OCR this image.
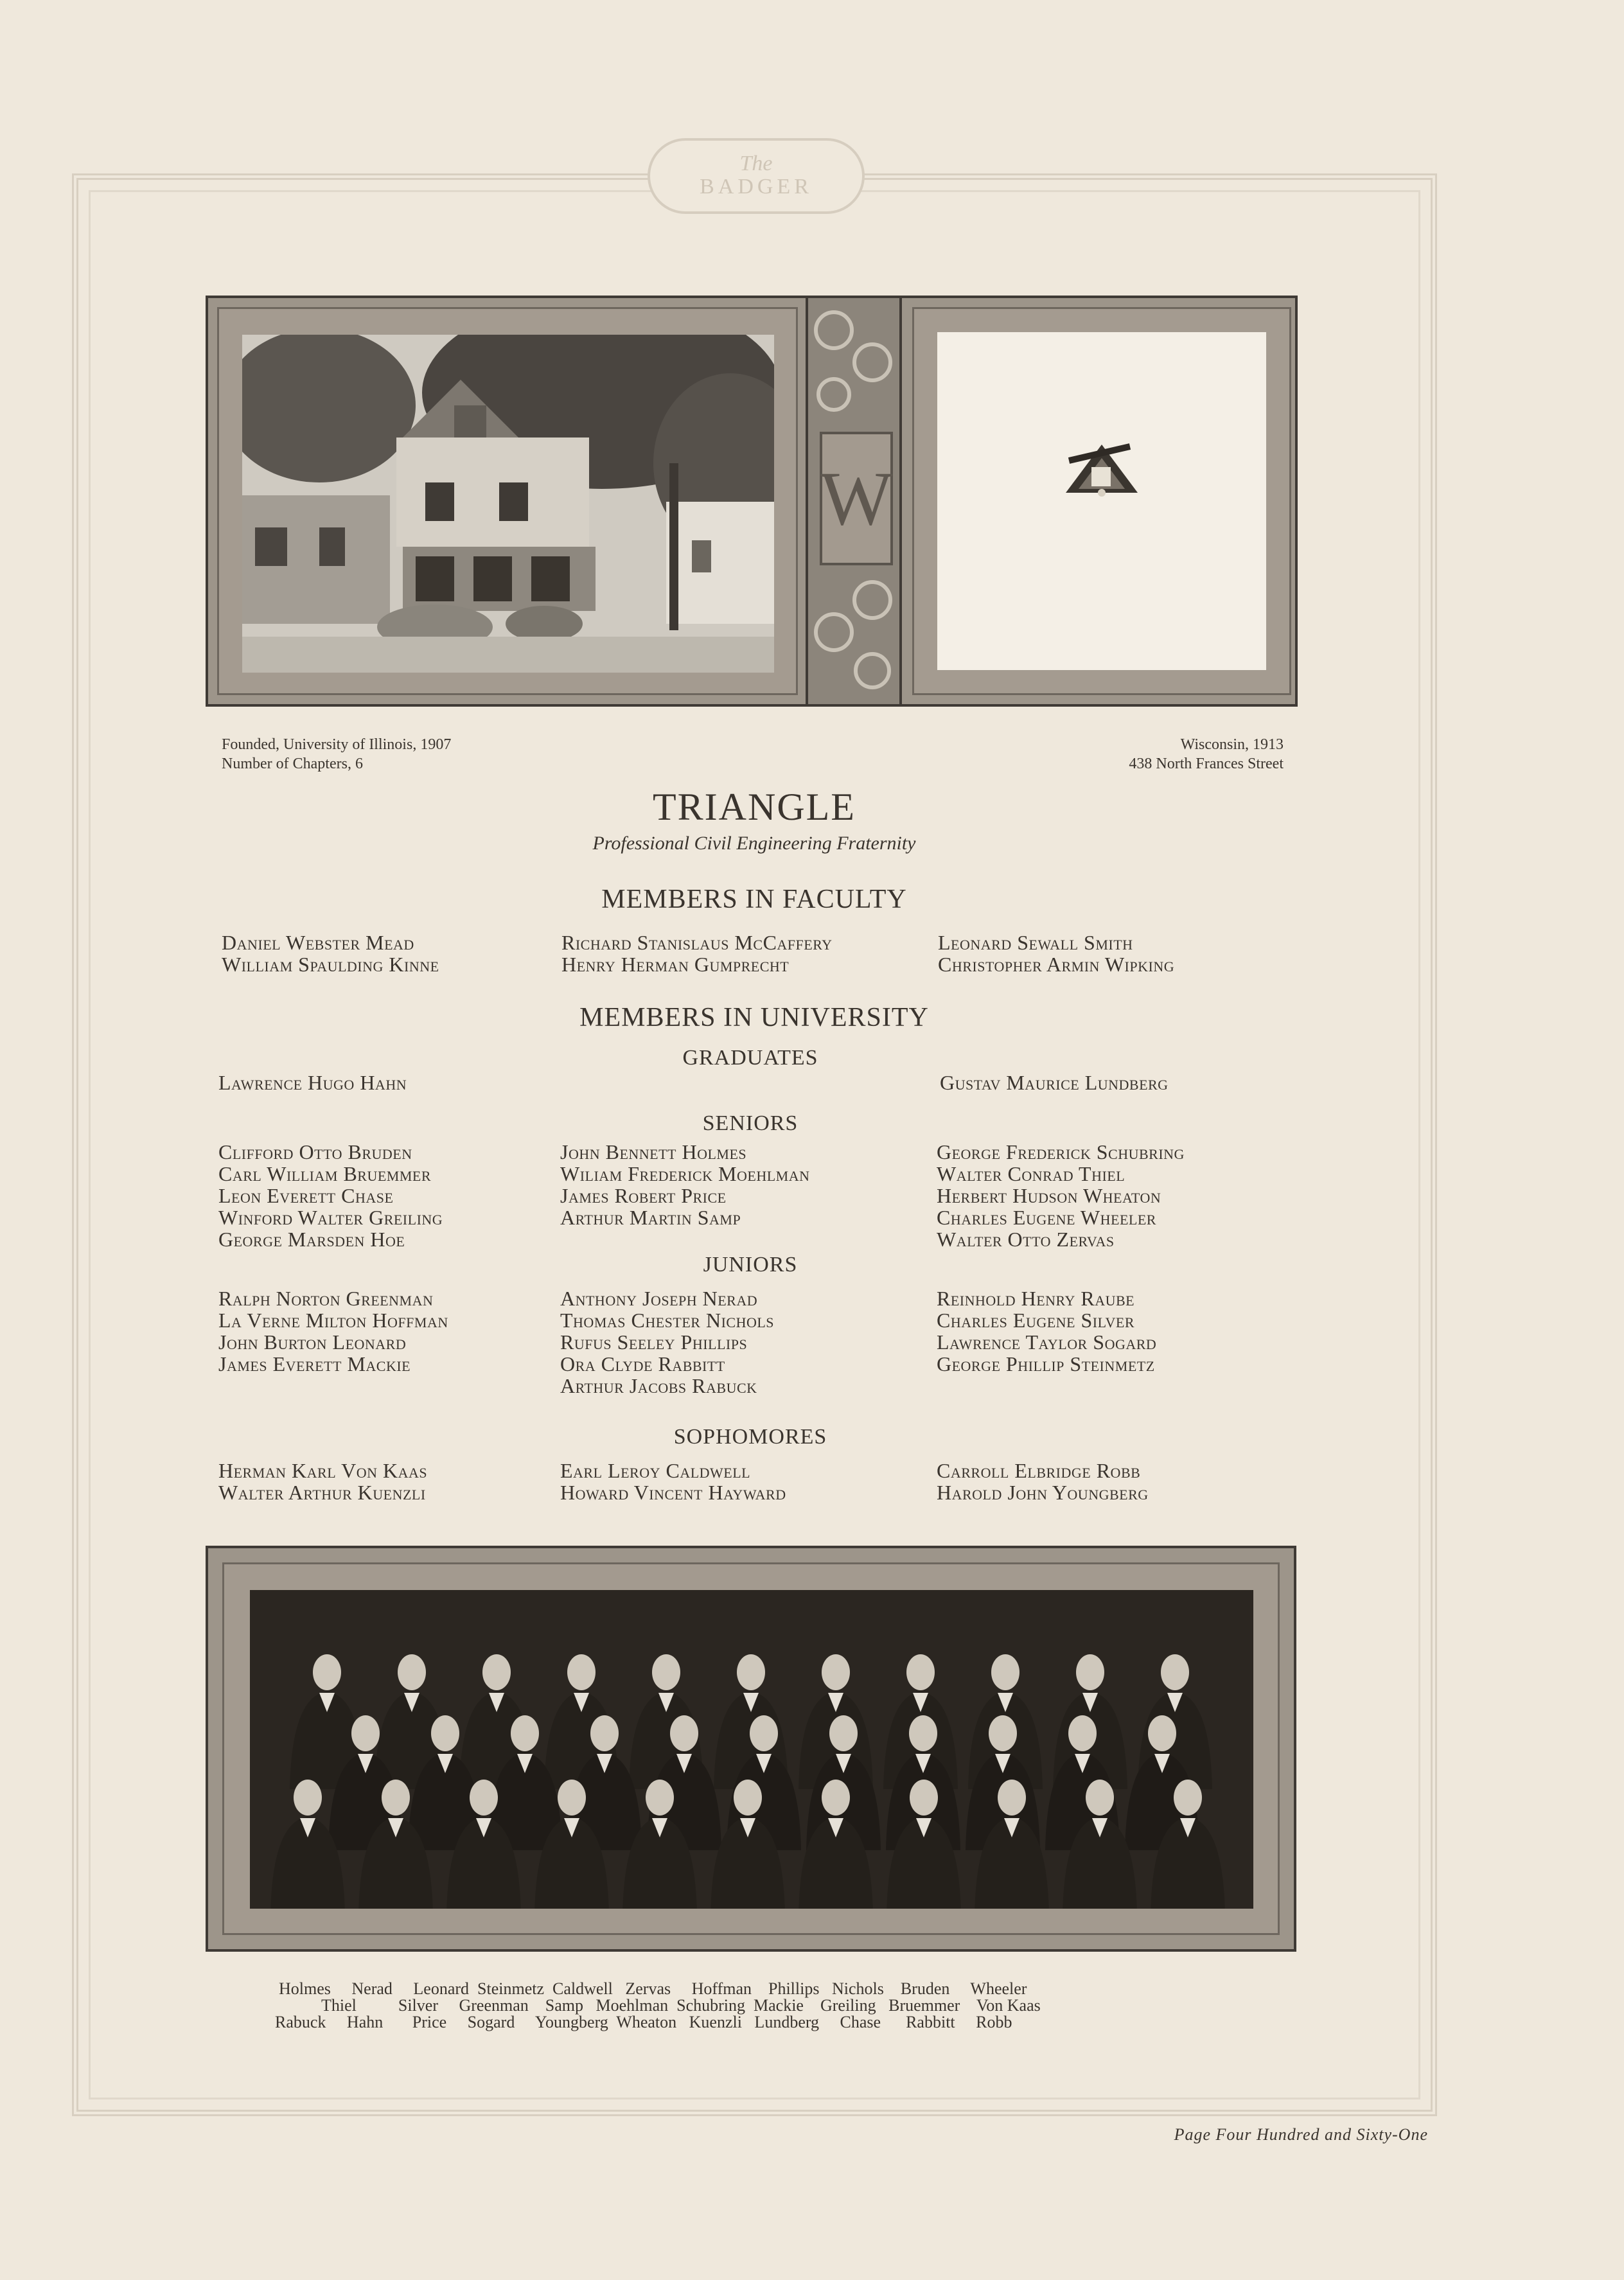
The
BADGER
W
Founded, University of Illinois, 1907
Number of Chapters, 6
Wisconsin, 1913
438 North Frances Street
TRIANGLE
Professional Civil Engineering Fraternity
MEMBERS IN FACULTY
Daniel Webster Mead
William Spaulding Kinne
Richard Stanislaus McCaffery
Henry Herman Gumprecht
Leonard Sewall Smith
Christopher Armin Wipking
MEMBERS IN UNIVERSITY
GRADUATES
Lawrence Hugo Hahn	Gustav Maurice Lundberg
SENIORS
Clifford Otto Bruden
Carl William Bruemmer
Leon Everett Chase
Winford Walter Greiling
George Marsden Hoe
John Bennett Holmes
Wiliam Frederick Moehlman
James Robert Price
Arthur Martin Samp
George Frederick Schubring
Walter Conrad Thiel
Herbert Hudson Wheaton
Charles Eugene Wheeler
Walter Otto Zervas
JUNIORS
Ralph Norton Greenman
La Verne Milton Hoffman
John Burton Leonard
James Everett Mackie
Anthony Joseph Nerad
Thomas Chester Nichols
Rufus Seeley Phillips
Ora Clyde Rabbitt
Arthur Jacobs Rabuck
Reinhold Henry Raube
Charles Eugene Silver
Lawrence Taylor Sogard
George Phillip Steinmetz
SOPHOMORES
Herman Karl Von Kaas
Walter Arthur Kuenzli
Earl Leroy Caldwell
Howard Vincent Hayward
Carroll Elbridge Robb
Harold John Youngberg
Holmes     Nerad     Leonard  Steinmetz  Caldwell   Zervas     Hoffman    Phillips   Nichols    Bruden     Wheeler
Thiel          Silver     Greenman    Samp   Moehlman  Schubring  Mackie    Greiling   Bruemmer    Von Kaas
Rabuck     Hahn       Price     Sogard     Youngberg  Wheaton   Kuenzli   Lundberg     Chase      Rabbitt     Robb
Page Four Hundred and Sixty-One
